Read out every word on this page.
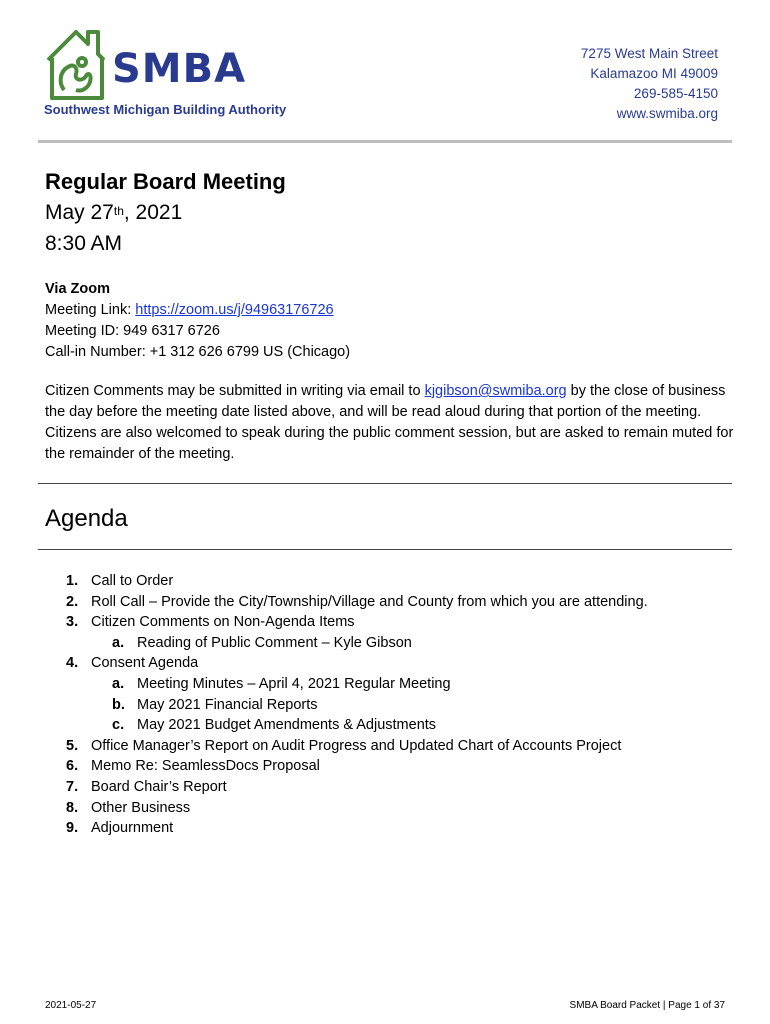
SMBA
Southwest Michigan Building Authority
7275 West Main Street
Kalamazoo MI 49009
269-585-4150
www.swmiba.org
Regular Board Meeting
May 27th, 2021
8:30 AM
Via Zoom
Meeting Link: https://zoom.us/j/94963176726
Meeting ID: 949 6317 6726
Call-in Number: +1 312 626 6799 US (Chicago)
Citizen Comments may be submitted in writing via email to kjgibson@swmiba.org by the close of business the day before the meeting date listed above, and will be read aloud during that portion of the meeting. Citizens are also welcomed to speak during the public comment session, but are asked to remain muted for the remainder of the meeting.
Agenda
1. Call to Order
2. Roll Call – Provide the City/Township/Village and County from which you are attending.
3. Citizen Comments on Non-Agenda Items
a. Reading of Public Comment – Kyle Gibson
4. Consent Agenda
a. Meeting Minutes – April 4, 2021 Regular Meeting
b. May 2021 Financial Reports
c. May 2021 Budget Amendments & Adjustments
5. Office Manager’s Report on Audit Progress and Updated Chart of Accounts Project
6. Memo Re: SeamlessDocs Proposal
7. Board Chair’s Report
8. Other Business
9. Adjournment
2021-05-27	SMBA Board Packet | Page 1 of 37
